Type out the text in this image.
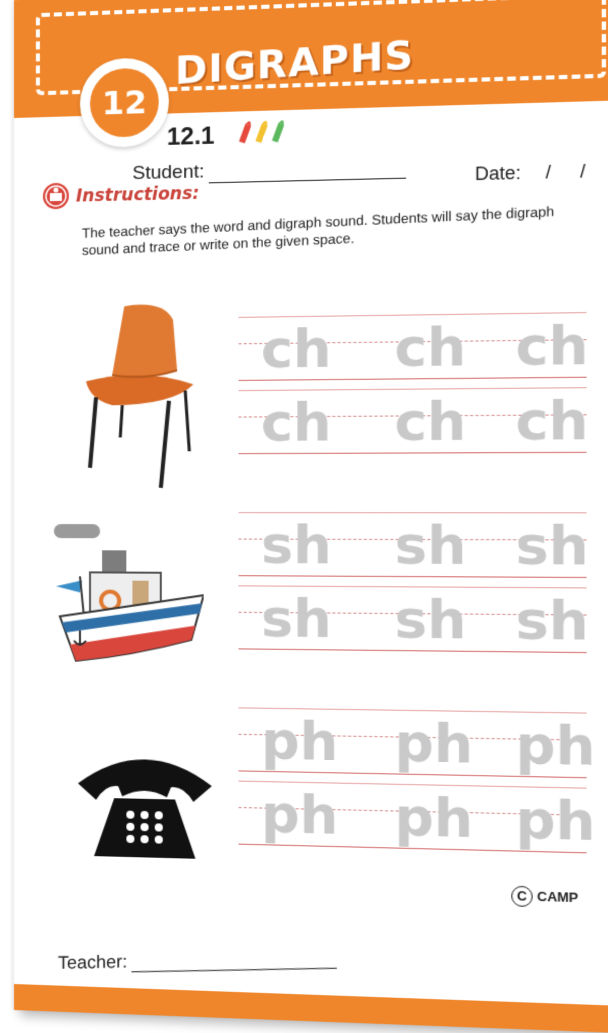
DIGRAPHS
12
12.1
Student:	Date: / /
Instructions:
The teacher says the word and digraph sound. Students will say the digraph sound and trace or write on the given space.
ch ch ch
ch ch ch
sh sh sh
sh sh sh
ph ph ph
ph ph ph
C CAMP
Teacher:
